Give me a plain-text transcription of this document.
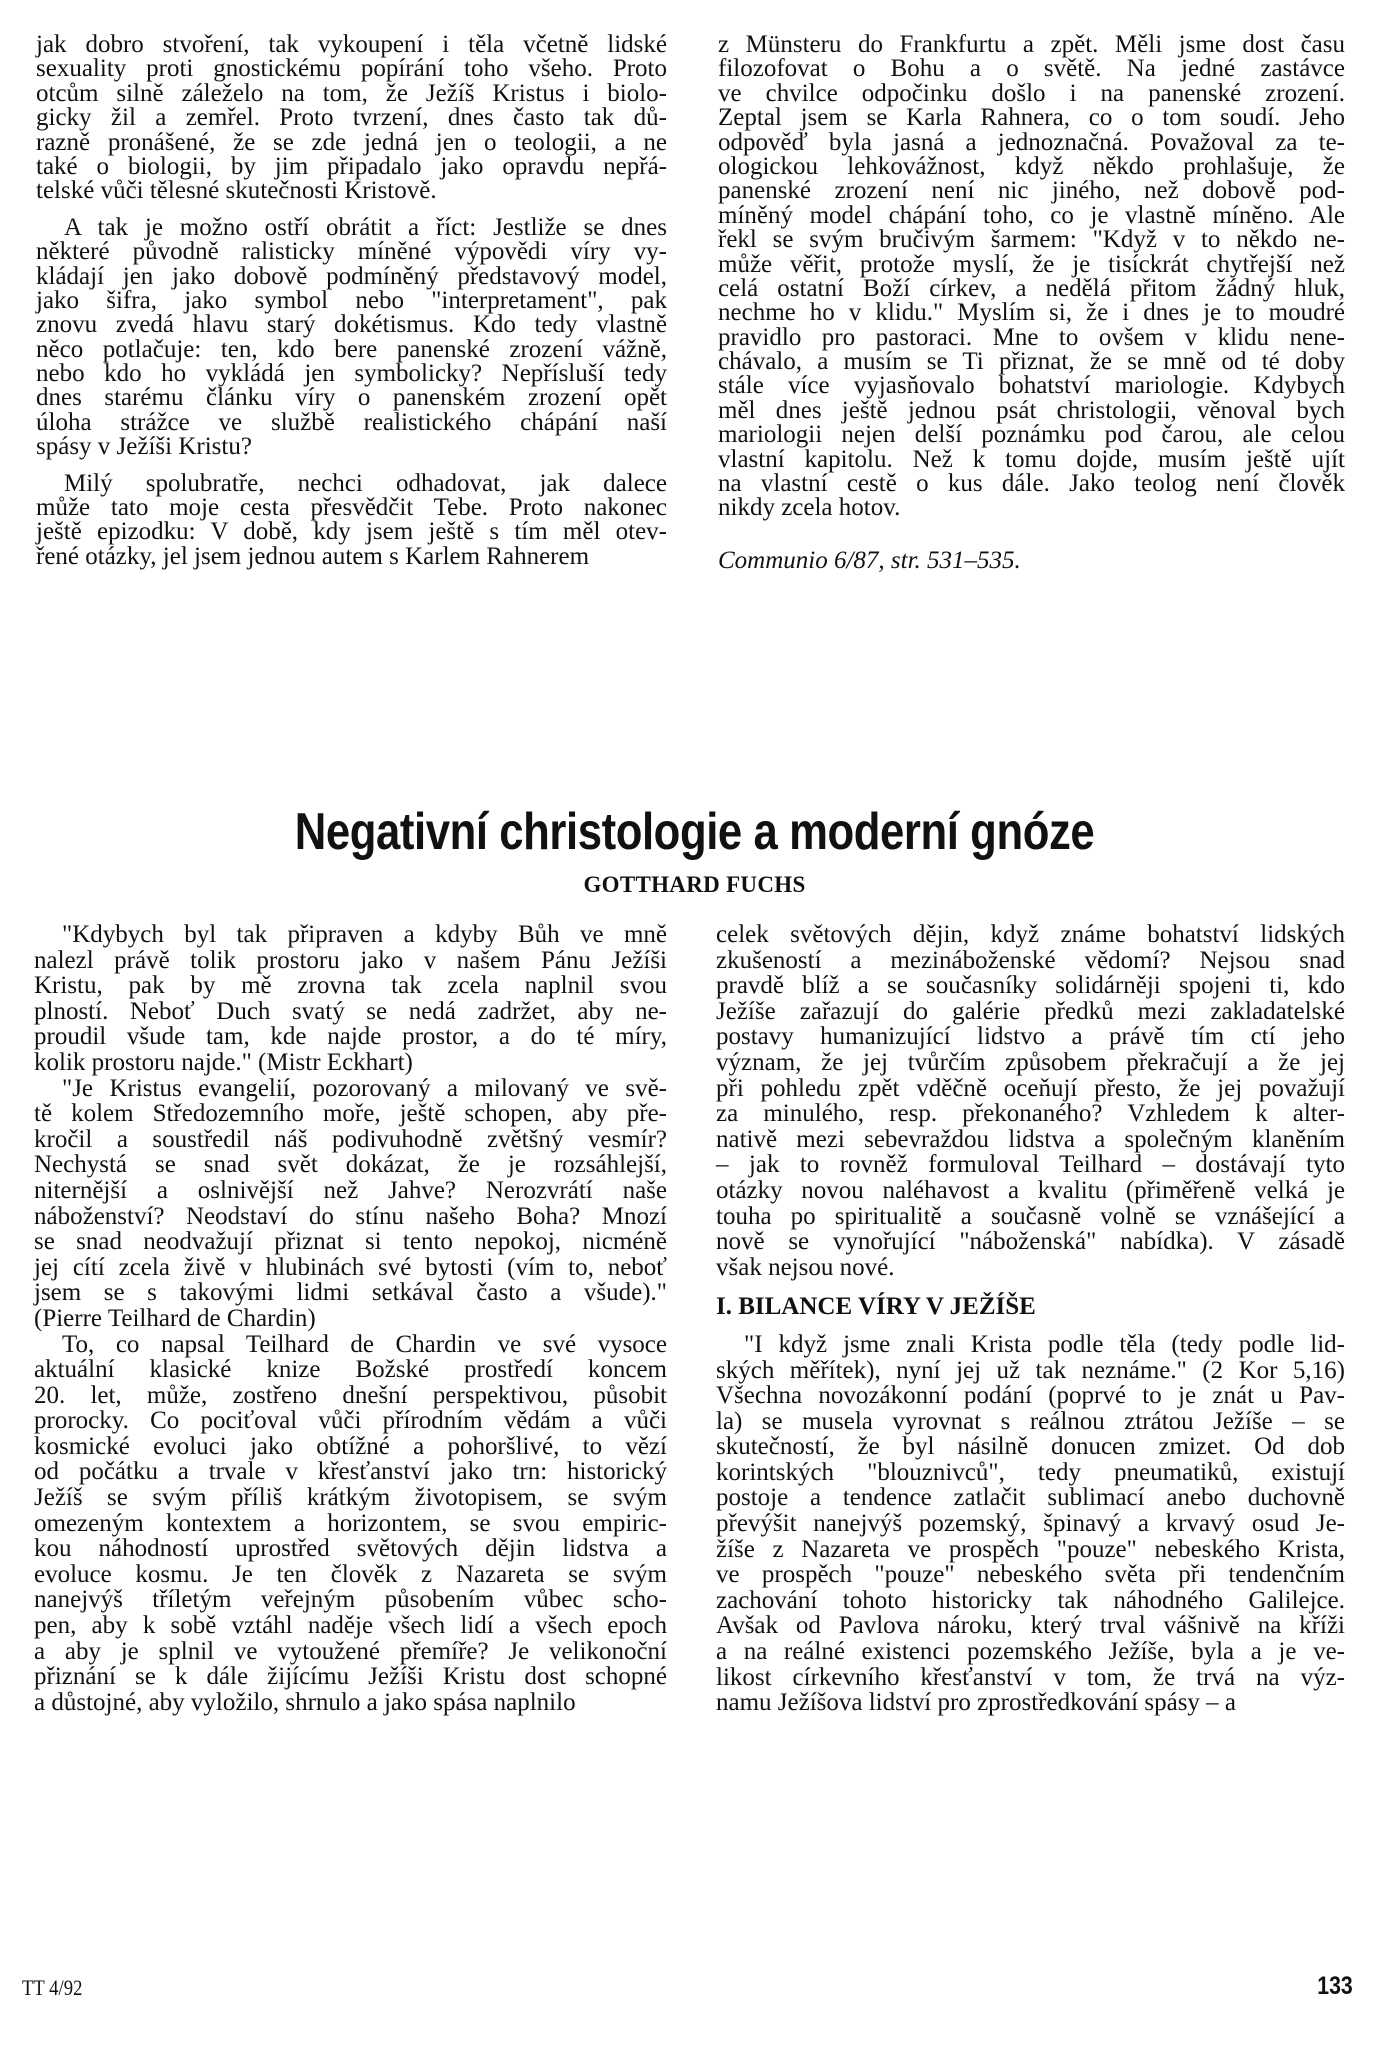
jak dobro stvoření, tak vykoupení i těla včetně lidské
sexuality proti gnostickému popírání toho všeho. Proto
otcům silně záleželo na tom, že Ježíš Kristus i biolo-
gicky žil a zemřel. Proto tvrzení, dnes často tak dů-
razně pronášené, že se zde jedná jen o teologii, a ne
také o biologii, by jim připadalo jako opravdu nepřá-
telské vůči tělesné skutečnosti Kristově.
A tak je možno ostří obrátit a říct: Jestliže se dnes
některé původně ralisticky míněné výpovědi víry vy-
kládají jen jako dobově podmíněný představový model,
jako šifra, jako symbol nebo "interpretament", pak
znovu zvedá hlavu starý dokétismus. Kdo tedy vlastně
něco potlačuje: ten, kdo bere panenské zrození vážně,
nebo kdo ho vykládá jen symbolicky? Nepřísluší tedy
dnes starému článku víry o panenském zrození opět
úloha strážce ve službě realistického chápání naší
spásy v Ježíši Kristu?
Milý spolubratře, nechci odhadovat, jak dalece
může tato moje cesta přesvědčit Tebe. Proto nakonec
ještě epizodku: V době, kdy jsem ještě s tím měl otev-
řené otázky, jel jsem jednou autem s Karlem Rahnerem
z Münsteru do Frankfurtu a zpět. Měli jsme dost času
filozofovat o Bohu a o světě. Na jedné zastávce
ve chvilce odpočinku došlo i na panenské zrození.
Zeptal jsem se Karla Rahnera, co o tom soudí. Jeho
odpověď byla jasná a jednoznačná. Považoval za te-
ologickou lehkovážnost, když někdo prohlašuje, že
panenské zrození není nic jiného, než dobově pod-
míněný model chápání toho, co je vlastně míněno. Ale
řekl se svým bručivým šarmem: "Když v to někdo ne-
může věřit, protože myslí, že je tisíckrát chytřejší než
celá ostatní Boží církev, a nedělá přitom žádný hluk,
nechme ho v klidu." Myslím si, že i dnes je to moudré
pravidlo pro pastoraci. Mne to ovšem v klidu nene-
chávalo, a musím se Ti přiznat, že se mně od té doby
stále více vyjasňovalo bohatství mariologie. Kdybych
měl dnes ještě jednou psát christologii, věnoval bych
mariologii nejen delší poznámku pod čarou, ale celou
vlastní kapitolu. Než k tomu dojde, musím ještě ujít
na vlastní cestě o kus dále. Jako teolog není člověk
nikdy zcela hotov.
Communio 6/87, str. 531–535.
Negativní christologie a moderní gnóze
GOTTHARD FUCHS
"Kdybych byl tak připraven a kdyby Bůh ve mně
nalezl právě tolik prostoru jako v našem Pánu Ježíši
Kristu, pak by mě zrovna tak zcela naplnil svou
plností. Neboť Duch svatý se nedá zadržet, aby ne-
proudil všude tam, kde najde prostor, a do té míry,
kolik prostoru najde." (Mistr Eckhart)
"Je Kristus evangelií, pozorovaný a milovaný ve svě-
tě kolem Středozemního moře, ještě schopen, aby pře-
kročil a soustředil náš podivuhodně zvětšný vesmír?
Nechystá se snad svět dokázat, že je rozsáhlejší,
niternější a oslnivější než Jahve? Nerozvrátí naše
náboženství? Neodstaví do stínu našeho Boha? Mnozí
se snad neodvažují přiznat si tento nepokoj, nicméně
jej cítí zcela živě v hlubinách své bytosti (vím to, neboť
jsem se s takovými lidmi setkával často a všude)."
(Pierre Teilhard de Chardin)
To, co napsal Teilhard de Chardin ve své vysoce
aktuální klasické knize Božské prostředí koncem
20. let, může, zostřeno dnešní perspektivou, působit
prorocky. Co pociťoval vůči přírodním vědám a vůči
kosmické evoluci jako obtížné a pohoršlivé, to vězí
od počátku a trvale v křesťanství jako trn: historický
Ježíš se svým příliš krátkým životopisem, se svým
omezeným kontextem a horizontem, se svou empiric-
kou náhodností uprostřed světových dějin lidstva a
evoluce kosmu. Je ten člověk z Nazareta se svým
nanejvýš tříletým veřejným působením vůbec scho-
pen, aby k sobě vztáhl naděje všech lidí a všech epoch
a aby je splnil ve vytoužené přemíře? Je velikonoční
přiznání se k dále žijícímu Ježíši Kristu dost schopné
a důstojné, aby vyložilo, shrnulo a jako spása naplnilo
celek světových dějin, když známe bohatství lidských
zkušeností a mezináboženské vědomí? Nejsou snad
pravdě blíž a se současníky solidárněji spojeni ti, kdo
Ježíše zařazují do galérie předků mezi zakladatelské
postavy humanizující lidstvo a právě tím ctí jeho
význam, že jej tvůrčím způsobem překračují a že jej
při pohledu zpět vděčně oceňují přesto, že jej považují
za minulého, resp. překonaného? Vzhledem k alter-
nativě mezi sebevraždou lidstva a společným klaněním
– jak to rovněž formuloval Teilhard – dostávají tyto
otázky novou naléhavost a kvalitu (přiměřeně velká je
touha po spiritualitě a současně volně se vznášející a
nově se vynořující "náboženská" nabídka). V zásadě
však nejsou nové.
I. BILANCE VÍRY V JEŽÍŠE
"I když jsme znali Krista podle těla (tedy podle lid-
ských měřítek), nyní jej už tak neznáme." (2 Kor 5,16)
Všechna novozákonní podání (poprvé to je znát u Pav-
la) se musela vyrovnat s reálnou ztrátou Ježíše – se
skutečností, že byl násilně donucen zmizet. Od dob
korintských "blouznivců", tedy pneumatiků, existují
postoje a tendence zatlačit sublimací anebo duchovně
převýšit nanejvýš pozemský, špinavý a krvavý osud Je-
žíše z Nazareta ve prospěch "pouze" nebeského Krista,
ve prospěch "pouze" nebeského světa při tendenčním
zachování tohoto historicky tak náhodného Galilejce.
Avšak od Pavlova nároku, který trval vášnivě na kříži
a na reálné existenci pozemského Ježíše, byla a je ve-
likost církevního křesťanství v tom, že trvá na výz-
namu Ježíšova lidství pro zprostředkování spásy – a
TT 4/92	133
